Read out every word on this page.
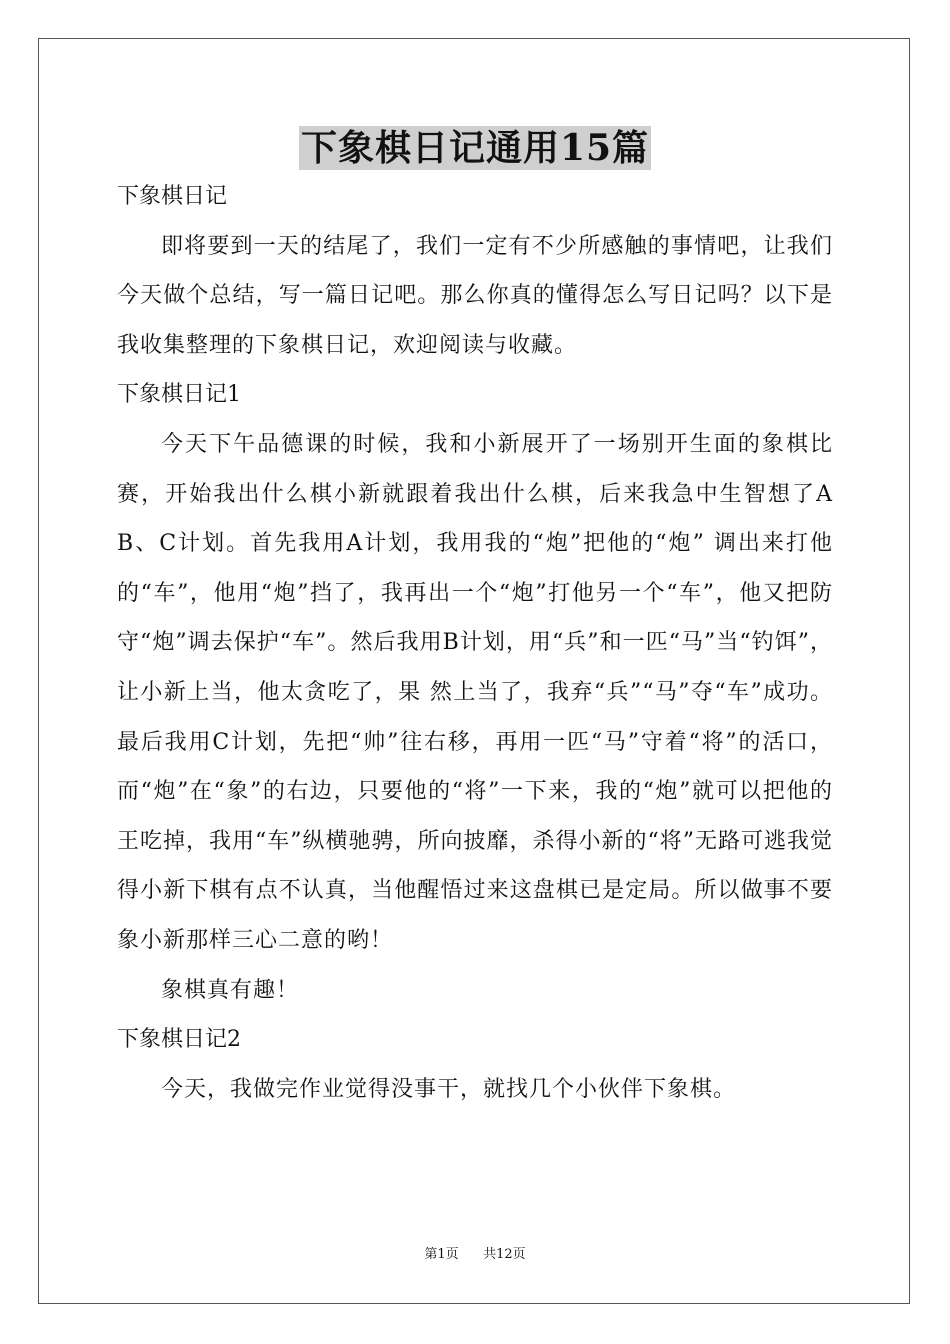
下象棋日记通用15篇

下象棋日记

即将要到一天的结尾了，我们一定有不少所感触的事情吧，让我们今天做个总结，写一篇日记吧。那么你真的懂得怎么写日记吗？以下是我收集整理的下象棋日记，欢迎阅读与收藏。

下象棋日记1

今天下午品德课的时候，我和小新展开了一场别开生面的象棋比赛，开始我出什么棋小新就跟着我出什么棋，后来我急中生智想了A B、C计划。首先我用A计划，我用我的“炮”把他的“炮” 调出来打他的“车”，他用“炮”挡了，我再出一个“炮”打他另一个“车”，他又把防守“炮”调去保护“车”。然后我用B计划，用“兵”和一匹“马”当“钓饵”，让小新上当，他太贪吃了，果 然上当了，我弃“兵”“马”夺“车”成功。最后我用C计划，先把“帅”往右移，再用一匹“马”守着“将”的活口，而“炮”在“象”的右边，只要他的“将”一下来，我的“炮”就可以把他的王吃掉，我用“车”纵横驰骋，所向披靡，杀得小新的“将”无路可逃我觉得小新下棋有点不认真，当他醒悟过来这盘棋已是定局。所以做事不要象小新那样三心二意的哟！

象棋真有趣！

下象棋日记2

今天，我做完作业觉得没事干，就找几个小伙伴下象棋。

第1页 共12页
